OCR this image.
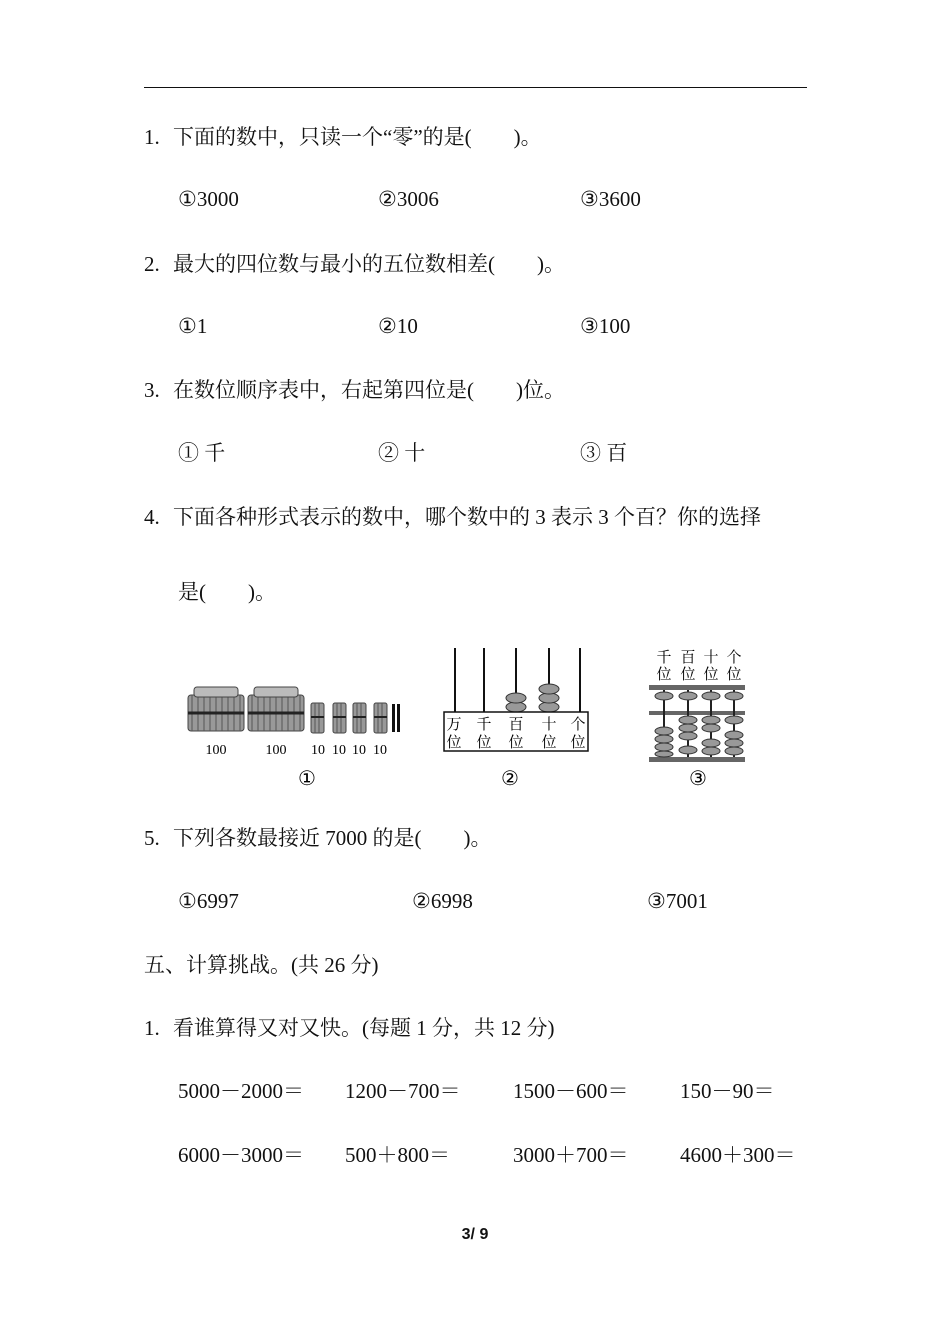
1. 下面的数中，只读一个“零”的是(　　)。
①3000	②3006	③3600
2. 最大的四位数与最小的五位数相差(　　)。
①1	②10	③100
3. 在数位顺序表中，右起第四位是(　　)位。
① 千	② 十	③ 百
4. 下面各种形式表示的数中，哪个数中的 3 表示 3 个百？你的选择
是(　　)。
100	100 10 10 10 10
①
万
位
千
位
百
位
十
位
个
位
②
千
位
百
位
十
位
个
位
③
5. 下列各数最接近 7000 的是(　　)。
①6997	②6998	③7001
五、计算挑战。(共 26 分)
1. 看谁算得又对又快。(每题 1 分，共 12 分)
5000－2000＝ 1200－700＝	1500－600＝ 150－90＝
6000－3000＝ 500＋800＝	3000＋700＝ 4600＋300＝
3/ 9
